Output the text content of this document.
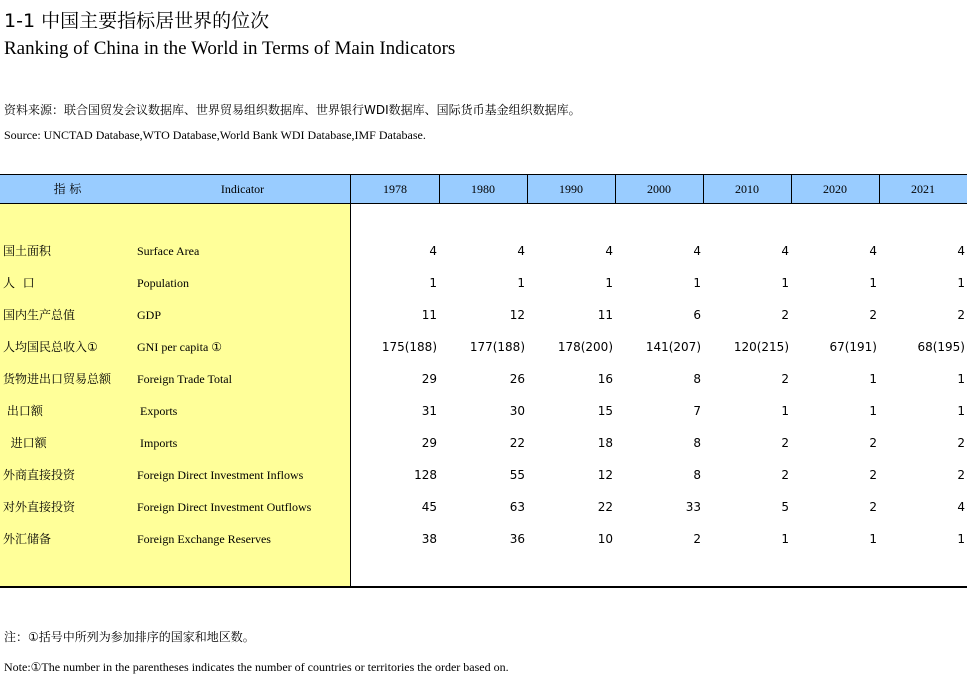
1-1 中国主要指标居世界的位次
Ranking of China in the World in Terms of Main Indicators
资料来源：联合国贸发会议数据库、世界贸易组织数据库、世界银行WDI数据库、国际货币基金组织数据库。
Source: UNCTAD Database,WTO Database,World Bank WDI Database,IMF Database.
指 标	Indicator	1978	1980	1990	2000	2010	2020	2021
国土面积	Surface Area	4	4	4	4	4	4	4
人  口	Population	1	1	1	1	1	1	1
国内生产总值	GDP	11	12	11	6	2	2	2
人均国民总收入①	GNI per capita ①	175(188)	177(188)	178(200)	141(207)	120(215)	67(191)	68(195)
货物进出口贸易总额 Foreign Trade Total	29	26	16	8	2	1	1
出口额	Exports	31	30	15	7	1	1	1
进口额	Imports	29	22	18	8	2	2	2
外商直接投资	Foreign Direct Investment Inflows	128	55	12	8	2	2	2
对外直接投资	Foreign Direct Investment Outflows	45	63	22	33	5	2	4
外汇储备	Foreign Exchange Reserves	38	36	10	2	1	1	1
注：①括号中所列为参加排序的国家和地区数。
Note:①The number in the parentheses indicates the number of countries or territories the order based on.
